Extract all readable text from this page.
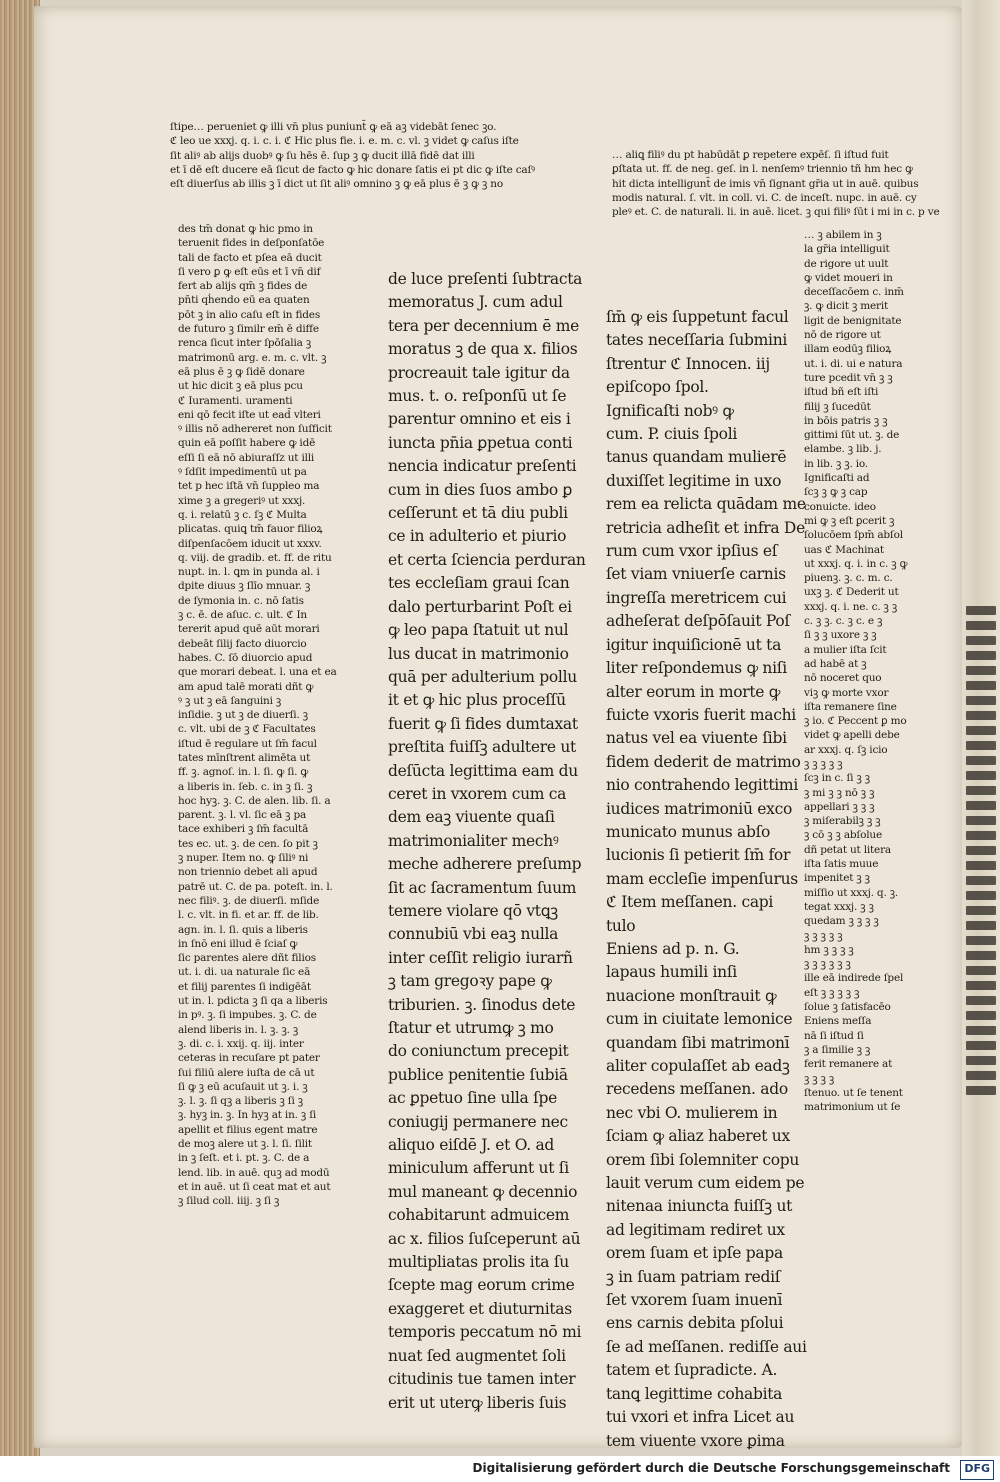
ſtipe… perueniet ꝙ illi vn̄ plus puniunt̄ ꝙ eā aꝫ videbāt ſenec ꝫo.
ℭ leo ue xxxj. q. i. c. i. ℭ Hic plus fie. i. e. m. c. vl. ꝫ videt ꝙ caſus iſte
ſit aliꝰ ab alijs duobꝰ ꝙ ſu hēs ē. ſup ꝫ ꝙ ducit illā fidē dat illi
et ī dē eſt ducere eā ſicut de facto ꝙ hic donare ſatis ei pt dic ꝙ iſte caſꝰ
eſt diuerſus ab illis ꝫ ī dict ut ſit aliꝰ omnino ꝫ ꝙ eā plus ē ꝫ ꝙ ꝫ no
… aliꝗ filiꝰ du pt habūdāt ꝑ repetere expēſ. ſi iſtud fuit
ꝑſtata ut. ff. de neg. geſ. in l. nenſemꝰ triennio tñ hm hec ꝙ
hit dicta intelligunt̄ de imis vn̄ ſignant gr̄ia ut in auē. quibus
modis natural. ſ. vlt. in coll. vi. C. de inceſt. nupc. in auē. cy
pleꝰ et. C. de naturali. li. in auē. licet. ꝫ qui filiꝰ ſūt i mi in c. p ve
des tm̄ donat ꝙ hic pmo in
teruenit fides in deſponſatōe
tali de facto et pſea eā ducit
ſi vero ꝑ ꝙ eſt eūs et ī vn̄ dif
fert ab alijs qm̄ ꝫ fides de
pn̄ti qḣendo eū ea quaten
pōt ꝫ in alio caſu eſt in fides
de futuro ꝫ ſimilr em̄ ē diffe
renca ſicut inter ſpōſalia ꝫ
matrimonū arg. e. m. c. vlt. ꝫ
eā plus ē ꝫ ꝙ ſidē donare
ut hic dicit ꝫ eā plus pcu
ℭ Iuramenti. uramenti
eni qō fecit iſte ut ead̄ vlteri
ꝰ illis nō adhereret non ſuſficit
quin eā poſſit habere ꝙ idē
eſſi ſi eā nō abiuraſſz ut illi
ꝰ ſdſit impedimentū ut pa
tet p hec iſtā vn̄ ſuppleo ma
xime ꝫ a gregeriꝰ ut xxxj.
q. i. relatū ꝫ c. ſꝫ ℭ Multa
plicatas. quiꝗ tm̄ fauor filioꝝ
diſpenſacōem iducit ut xxxv.
q. viij. de gradib. et. ff. de ritu
nupt. in. l. ꝗm in punda al. i
dpite diuus ꝫ ſlīo mnuar. ꝫ
de ſymonia in. c. nō ſatis
ꝫ c. ē. de aſuc. c. ult. ℭ In
tererit apud quē aūt morari
debeāt ſilij facto diuorcio
habes. C. ſō diuorcio apud
que morari debeat. l. una et ea
am apud talē morati dñt ꝙ
ꝰ ꝫ ut ꝫ eā ſanguini ꝫ
inſidie. ꝫ ut ꝫ de diuerſi. ꝫ
c. vlt. ubi de ꝫ ℭ Facultates
iſtud ē regulare ut ſm̄ facul
tates mīnſtrent alimēta ut
ff. ꝫ. agnoſ. in. l. ſi. ꝙ ſi. ꝙ
a liberis in. ſeb. c. in ꝫ ſi. ꝫ
hoc hyꝫ. ꝫ. C. de alen. lib. ſi. a
parent. ꝫ. l. vl. ſic eā ꝫ pa
tace exhiberi ꝫ ſm̄ facultā
tes ec. ut. ꝫ. de cen. ſo pit ꝫ
ꝫ nuper. Item no. ꝙ ſiliꝰ ni
non triennio debet ali apud
patrē ut. C. de pa. poteſt. in. l.
nec filiꝰ. ꝫ. de diuerſi. mſide
l. c. vlt. in fi. et ar. ff. de lib.
agn. in. l. ſi. quis a liberis
in ſnō eni illud ē ſciaſ ꝙ
ſic parentes alere dñt filios
ut. i. di. ua naturale ſic eā
et filij parentes ſi indigēāt
ut in. l. pdicta ꝫ ſi qa a liberis
in pꝰ. ꝫ. ſi impubes. ꝫ. C. de
alend liberis in. l. ꝫ. ꝫ. ꝫ
ꝫ. di. c. i. xxij. q. iij. inter
ceteras in recuſare pt pater
ſui filiū alere iuſta de cā ut
ſi ꝙ ꝫ eū acuſauit ut ꝫ. i. ꝫ
ꝫ. l. ꝫ. ſi qꝫ a liberis ꝫ ſi ꝫ
ꝫ. hyꝫ in. ꝫ. In hyꝫ at in. ꝫ ſi
apellit et filius egent matre
de moꝫ alere ut ꝫ. l. ſi. ſilit
in ꝫ ſeſt. et i. pt. ꝫ. C. de a
lend. lib. in auē. quꝫ ad modū
et in auē. ut ſi ceat mat et aut
ꝫ ſilud coll. iiij. ꝫ ſi ꝫ
de luce preſenti ſubtracta
memoratus J. cum adul
tera per decennium ē me
moratus ꝫ de qua x. filios
procreauit tale igitur da
mus. t. o. reſponſū ut ſe
parentur omnino et eis i
iuncta pn̄ia ꝑpetua conti
nencia indicatur preſenti
cum in dies ſuos ambo ꝑ
ceſſerunt et tā diu publi
ce in adulterio et piurio
et certa ſciencia perduran
tes eccleſiam graui ſcan
dalo perturbarint Poſt ei
ꝙ leo papa ſtatuit ut nul
lus ducat in matrimonio
quā per adulterium pollu
it et ꝙ hic plus proceſſū
fuerit ꝙ ſi fides dumtaxat
preſtita fuiſſꝫ adultere ut
deſūcta legittima eam du
ceret in vxorem cum ca
dem eaꝫ viuente quaſi
matrimonialiter mechꝰ
meche adherere preſump
ſit ac ſacramentum ſuum
temere violare qō vtꝗꝫ
connubiū vbi eaꝫ nulla
inter ceſſit religio iurarñ
ꝫ tam gregoꝛy pape ꝙ
triburien. ꝫ. ſinodus dete
ſtatur et utrumꝙ ꝫ mo
do coniunctum precepit
publice penitentie ſubiā
ac ꝑpetuo ſine ulla ſpe
coniugij permanere nec
aliquo eiſdē J. et O. ad
miniculum afferunt ut ſi
mul maneant ꝙ decennio
cohabitarunt admuicem
ac x. filios ſuſceperunt aū
multipliatas prolis ita ſu
ſcepte mag eorum crime
exaggeret et diuturnitas
temporis peccatum nō mi
nuat ſed augmentet ſoli
citudinis tue tamen inter
erit ut uterꝙ liberis ſuis
ſm̄ ꝙ eis ſuppetunt facul
tates neceſſaria ſubmini
ſtrentur ℭ Innocen. iij
epiſcopo ſpol.
Ignificaſti nobꝰ ꝙ
cum. P. ciuis ſpoli
tanus quandam mulierē
duxiſſet legitime in uxo
rem ea relicta quādam me
retricia adheſit et infra De
rum cum vxor ipſius eſ
ſet viam vniuerſe carnis
ingreſſa meretricem cui
adheſerat deſpōſauit Poſ
igitur inquiſicionē ut ta
liter reſpondemus ꝙ niſi
alter eorum in morte ꝙ
fuicte vxoris fuerit machi
natus vel ea viuente ſibi
fidem dederit de matrimo
nio contrahendo legittimi
iudices matrimoniū exco
municato munus abſo
lucionis ſi petierit ſm̄ for
mam eccleſie impenſurus
ℭ Item meſſanen. capi
tulo
Eniens ad p. n. G.
lapaus humili inſi
nuacione monſtrauit ꝙ
cum in ciuitate lemonice
quandam ſibi matrimonī
aliter copulaſſet ab eadꝫ
recedens meſſanen. ado
nec vbi O. mulierem in
ſciam ꝙ aliaz haberet ux
orem ſibi ſolemniter copu
lauit verum cum eidem pe
nitenaa iniuncta fuiſſꝫ ut
ad legitimam rediret ux
orem ſuam et ipſe papa
ꝫ in ſuam patriam rediſ
ſet vxorem ſuam inuenī
ens carnis debita pſolui
ſe ad meſſanen. rediſſe aui
tatem et ſupradicte. A.
tanꝗ legittime cohabita
tui vxori et infra Licet au
tem viuente vxore ꝑima
… ꝫ abilem in ꝫ
la gr̄ia intelliguit
de rigore ut uult
ꝙ videt moueri in
deceſſacōem c. inm̄
ꝫ. ꝙ dicit ꝫ merit
ligit de benignitate
nō de rigore ut
illam eodūꝫ filioꝝ
ut. i. di. ui e natura
ture pcedit vn̄ ꝫ ꝫ
iſtud bñ eſt iſti
filij ꝫ ſucedūt
in bōis patris ꝫ ꝫ
gittimi ſūt ut. ꝫ. de
elambe. ꝫ lib. j.
in lib. ꝫ ꝫ. io.
Ignificaſti ad
ſcꝫ ꝫ ꝙ ꝫ cap
conuicte. ideo
mi ꝙ ꝫ eſt ꝑcerit ꝫ
ſolucōem ſpm̄ abſol
uas ℭ Machinat
ut xxxj. q. i. in c. ꝫ ꝙ
piuenꝫ. ꝫ. c. m. c.
uxꝫ ꝫ. ℭ Dederit ut
xxxj. q. i. ne. c. ꝫ ꝫ
c. ꝫ ꝫ. c. ꝫ c. e ꝫ
ſi ꝫ ꝫ uxore ꝫ ꝫ
a mulier iſta ſcit
ad habē at ꝫ
nō noceret quo
viꝫ ꝙ morte vxor
iſta remanere ſine
ꝫ io. ℭ Peccent ꝑ mo
videt ꝙ apelli debe
ar xxxj. q. ſꝫ icio
ꝫ ꝫ ꝫ ꝫ ꝫ
ſcꝫ in c. ſi ꝫ ꝫ
ꝫ mi ꝫ ꝫ nō ꝫ ꝫ
appellari ꝫ ꝫ ꝫ
ꝫ miſerabilꝫ ꝫ ꝫ
ꝫ cō ꝫ ꝫ abſolue
dñ petat ut litera
iſta ſatis muue
impenitet ꝫ ꝫ
miſſio ut xxxj. q. ꝫ.
tegat xxxj. ꝫ ꝫ
quedam ꝫ ꝫ ꝫ ꝫ
ꝫ ꝫ ꝫ ꝫ ꝫ
hm ꝫ ꝫ ꝫ ꝫ
ꝫ ꝫ ꝫ ꝫ ꝫ ꝫ
ille eā indirede ſpel
eſt ꝫ ꝫ ꝫ ꝫ ꝫ
ſolue ꝫ ſatisfacēo
Eniens meſſa
nā ſi iſtud ſi
ꝫ a ſimilie ꝫ ꝫ
ferit remanere at
ꝫ ꝫ ꝫ ꝫ
ſtenuo. ut ſe tenent
matrimonium ut ſe
Digitalisierung gefördert durch die Deutsche Forschungsgemeinschaft	DFG
